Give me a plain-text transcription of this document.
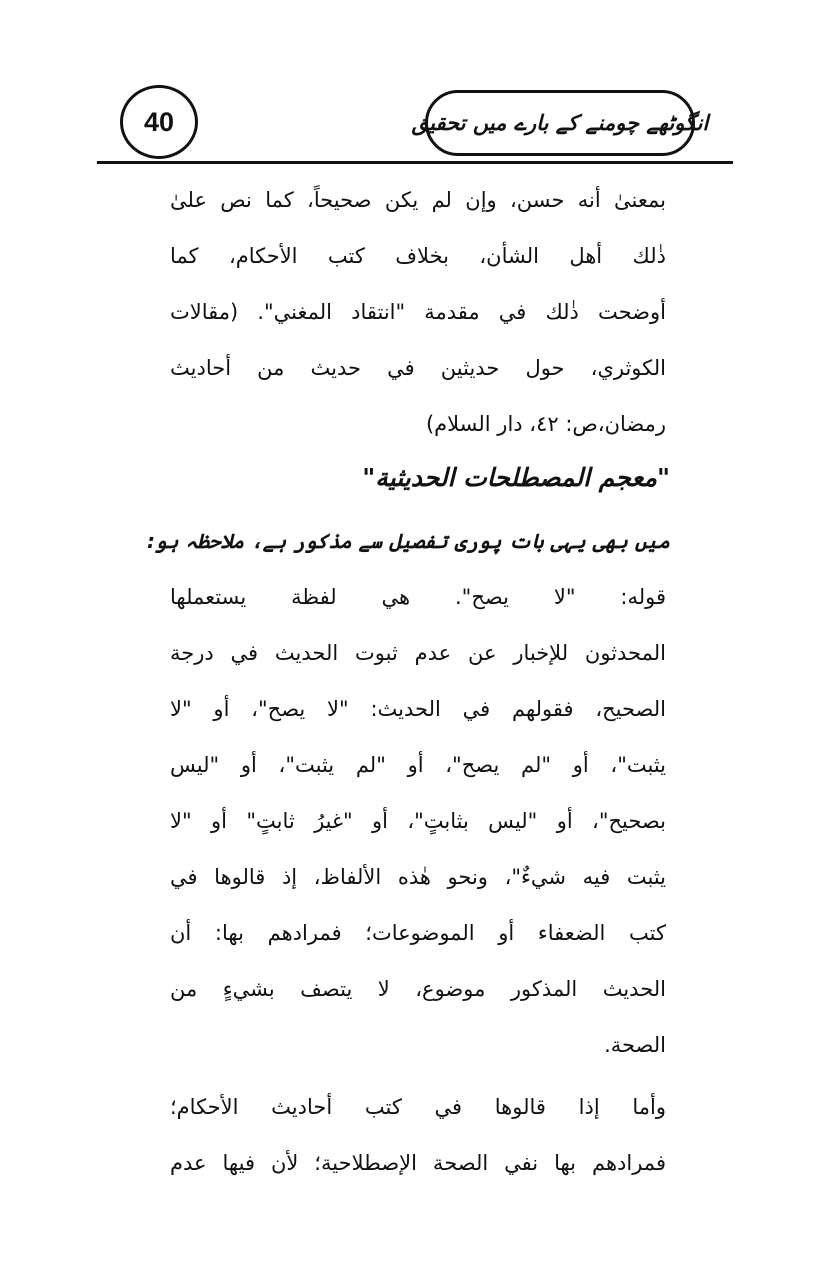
40	انگوٹھے چومنے کے بارے میں تحقیق
بمعنىٰ أنه حسن، وإن لم يكن صحيحاً، كما نص علىٰ
ذٰلك أهل الشأن، بخلاف كتب الأحكام، كما
أوضحت ذٰلك في مقدمة "انتقاد المغني". (مقالات
الكوثري، حول حديثين في حديث من أحاديث
رمضان،ص: ٤٢، دار السلام)
"معجم المصطلحات الحديثية"
میں بھی یہی بات پوری تفصیل سے مذکور ہے، ملاحظہ ہو:
قوله: "لا يصح". هي لفظة يستعملها
المحدثون للإخبار عن عدم ثبوت الحديث في درجة
الصحيح، فقولهم في الحديث: "لا يصح"، أو "لا
يثبت"، أو "لم يصح"، أو "لم يثبت"، أو "ليس
بصحيح"، أو "ليس بثابتٍ"، أو "غيرُ ثابتٍ" أو "لا
يثبت فيه شيءٌ"، ونحو هٰذه الألفاظ، إذ قالوها في
كتب الضعفاء أو الموضوعات؛ فمرادهم بها: أن
الحديث المذكور موضوع، لا يتصف بشيءٍ من
الصحة.
وأما إذا قالوها في كتب أحاديث الأحكام؛
فمرادهم بها نفي الصحة الإصطلاحية؛ لأن فيها عدم
